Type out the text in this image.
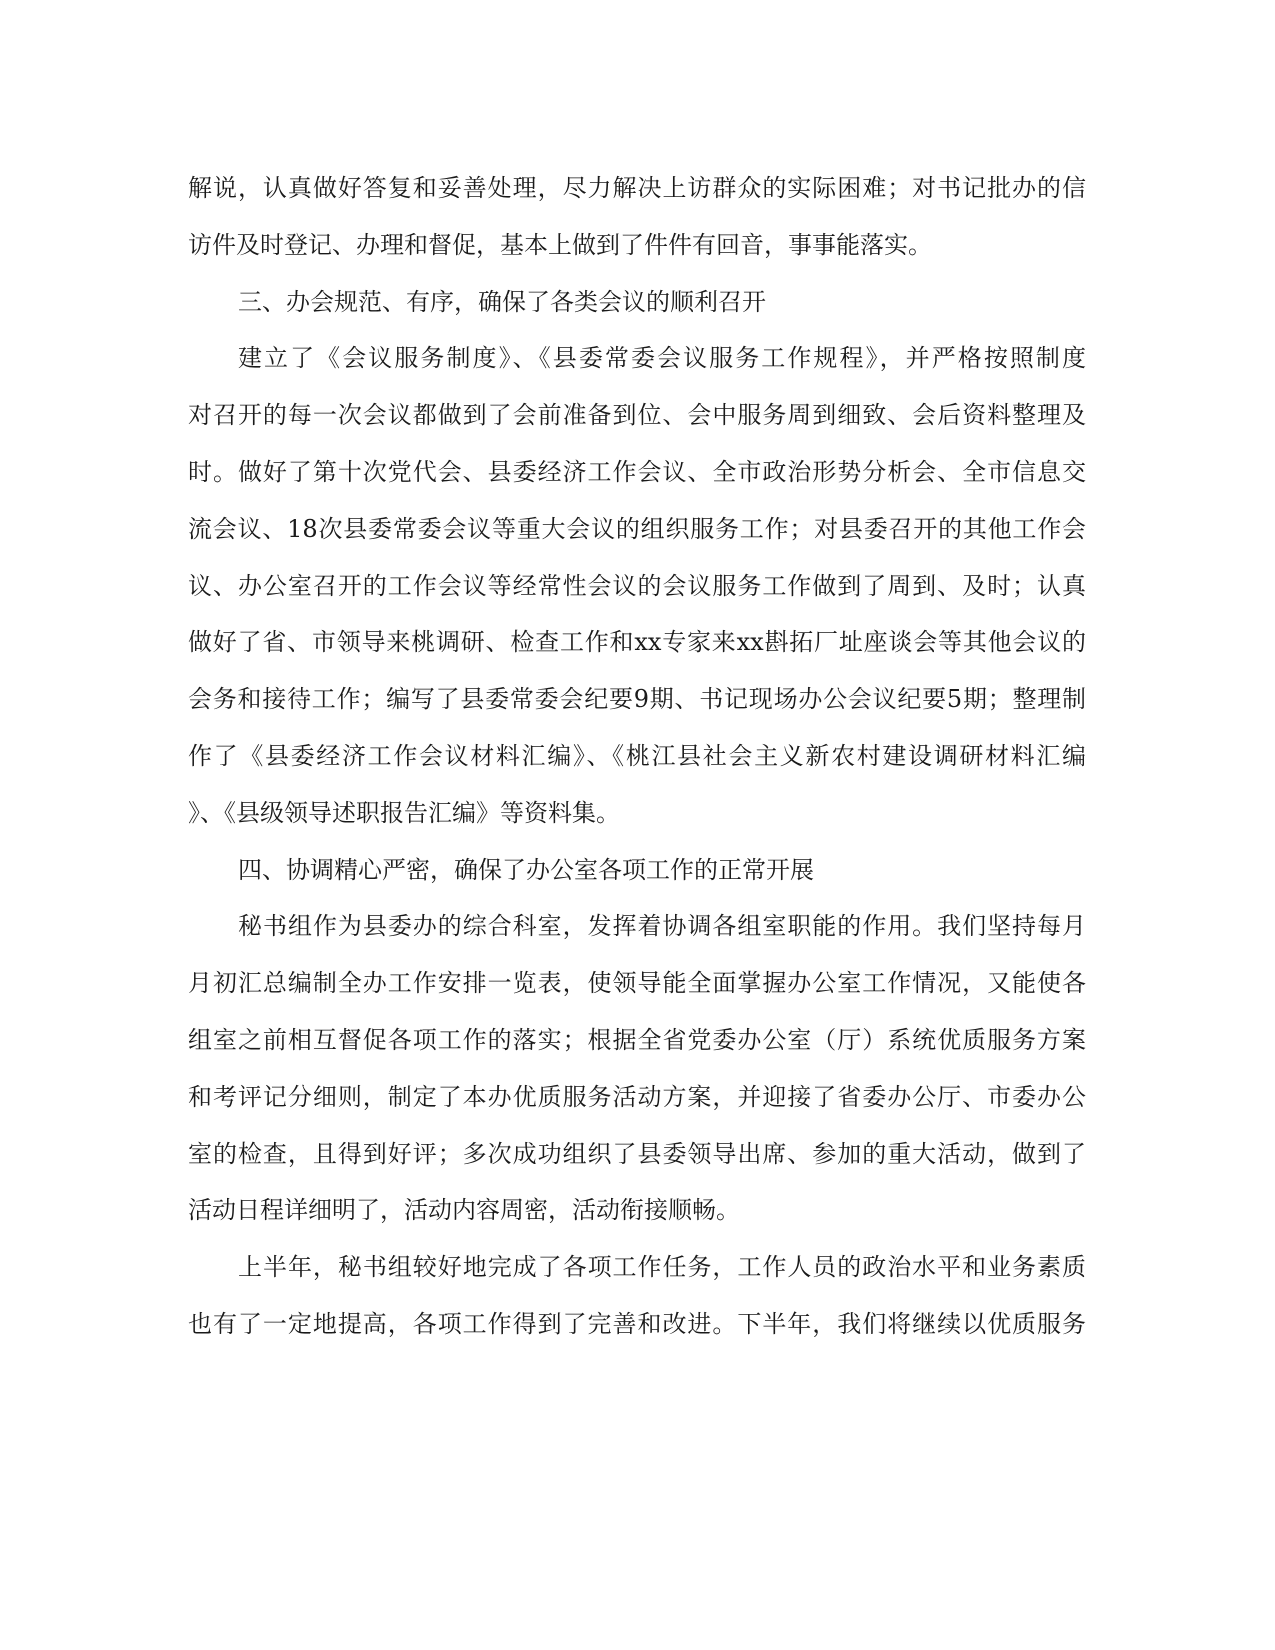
解说，认真做好答复和妥善处理，尽力解决上访群众的实际困难；对书记批办的信
访件及时登记、办理和督促，基本上做到了件件有回音，事事能落实。
三、办会规范、有序，确保了各类会议的顺利召开
建立了《会议服务制度》、《县委常委会议服务工作规程》，并严格按照制度
对召开的每一次会议都做到了会前准备到位、会中服务周到细致、会后资料整理及
时。做好了第十次党代会、县委经济工作会议、全市政治形势分析会、全市信息交
流会议、18次县委常委会议等重大会议的组织服务工作；对县委召开的其他工作会
议、办公室召开的工作会议等经常性会议的会议服务工作做到了周到、及时；认真
做好了省、市领导来桃调研、检查工作和xx专家来xx斟拓厂址座谈会等其他会议的
会务和接待工作；编写了县委常委会纪要9期、书记现场办公会议纪要5期；整理制
作了《县委经济工作会议材料汇编》、《桃江县社会主义新农村建设调研材料汇编
》、《县级领导述职报告汇编》等资料集。
四、协调精心严密，确保了办公室各项工作的正常开展
秘书组作为县委办的综合科室，发挥着协调各组室职能的作用。我们坚持每月
月初汇总编制全办工作安排一览表，使领导能全面掌握办公室工作情况，又能使各
组室之前相互督促各项工作的落实；根据全省党委办公室（厅）系统优质服务方案
和考评记分细则，制定了本办优质服务活动方案，并迎接了省委办公厅、市委办公
室的检查，且得到好评；多次成功组织了县委领导出席、参加的重大活动，做到了
活动日程详细明了，活动内容周密，活动衔接顺畅。
上半年，秘书组较好地完成了各项工作任务，工作人员的政治水平和业务素质
也有了一定地提高，各项工作得到了完善和改进。下半年，我们将继续以优质服务
